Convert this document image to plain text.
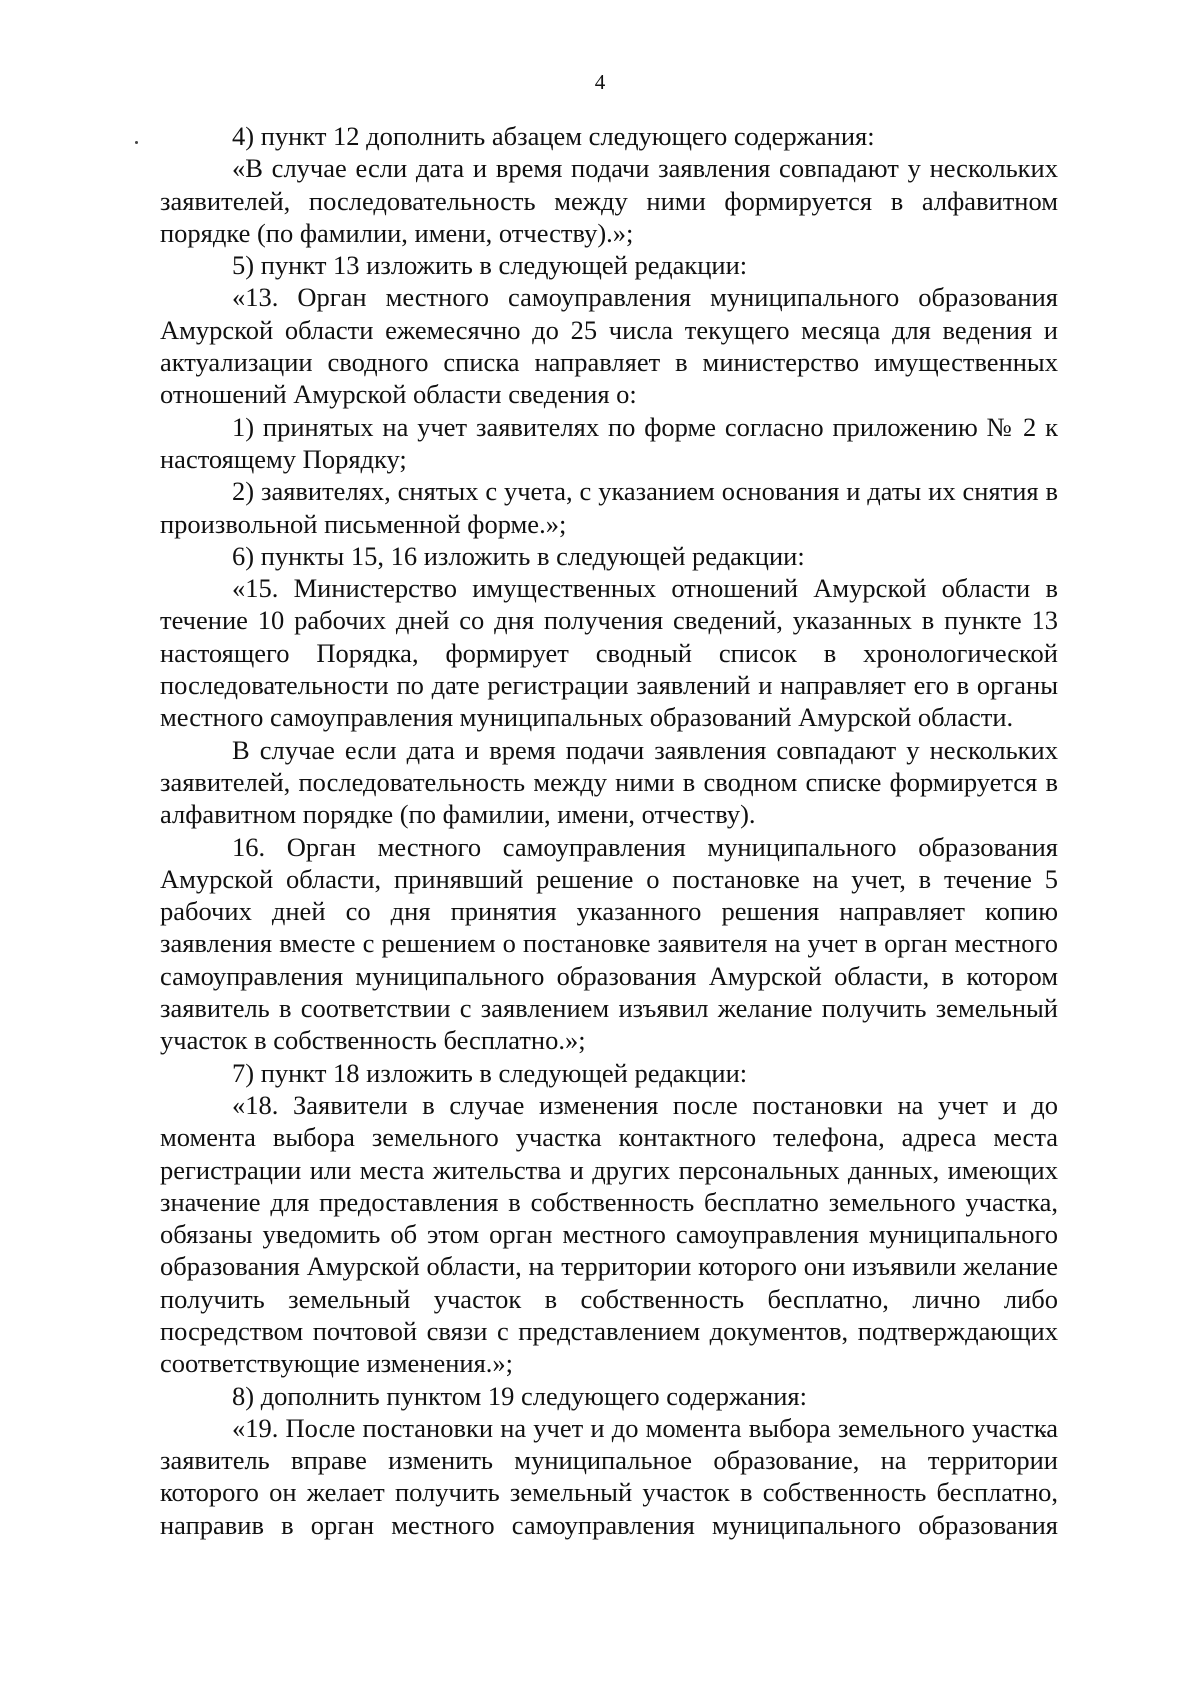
4

4) пункт 12 дополнить абзацем следующего содержания:

«В случае если дата и время подачи заявления совпадают у нескольких заявителей, последовательность между ними формируется в алфавитном порядке (по фамилии, имени, отчеству).»;

5) пункт 13 изложить в следующей редакции:

«13. Орган местного самоуправления муниципального образования Амурской области ежемесячно до 25 числа текущего месяца для ведения и актуализации сводного списка направляет в министерство имущественных отношений Амурской области сведения о:

1) принятых на учет заявителях по форме согласно приложению № 2 к настоящему Порядку;

2) заявителях, снятых с учета, с указанием основания и даты их снятия в произвольной письменной форме.»;

6) пункты 15, 16 изложить в следующей редакции:

«15. Министерство имущественных отношений Амурской области в течение 10 рабочих дней со дня получения сведений, указанных в пункте 13 настоящего Порядка, формирует сводный список в хронологической последовательности по дате регистрации заявлений и направляет его в органы местного самоуправления муниципальных образований Амурской области.

В случае если дата и время подачи заявления совпадают у нескольких заявителей, последовательность между ними в сводном списке формируется в алфавитном порядке (по фамилии, имени, отчеству).

16. Орган местного самоуправления муниципального образования Амурской области, принявший решение о постановке на учет, в течение 5 рабочих дней со дня принятия указанного решения направляет копию заявления вместе с решением о постановке заявителя на учет в орган местного самоуправления муниципального образования Амурской области, в котором заявитель в соответствии с заявлением изъявил желание получить земельный участок в собственность бесплатно.»;

7) пункт 18 изложить в следующей редакции:

«18. Заявители в случае изменения после постановки на учет и до момента выбора земельного участка контактного телефона, адреса места регистрации или места жительства и других персональных данных, имеющих значение для предоставления в собственность бесплатно земельного участка, обязаны уведомить об этом орган местного самоуправления муниципального образования Амурской области, на территории которого они изъявили желание получить земельный участок в собственность бесплатно, лично либо посредством почтовой связи с представлением документов, подтверждающих соответствующие изменения.»;

8) дополнить пунктом 19 следующего содержания:

«19. После постановки на учет и до момента выбора земельного участка заявитель вправе изменить муниципальное образование, на территории которого он желает получить земельный участок в собственность бесплатно, направив в орган местного самоуправления муниципального образования
